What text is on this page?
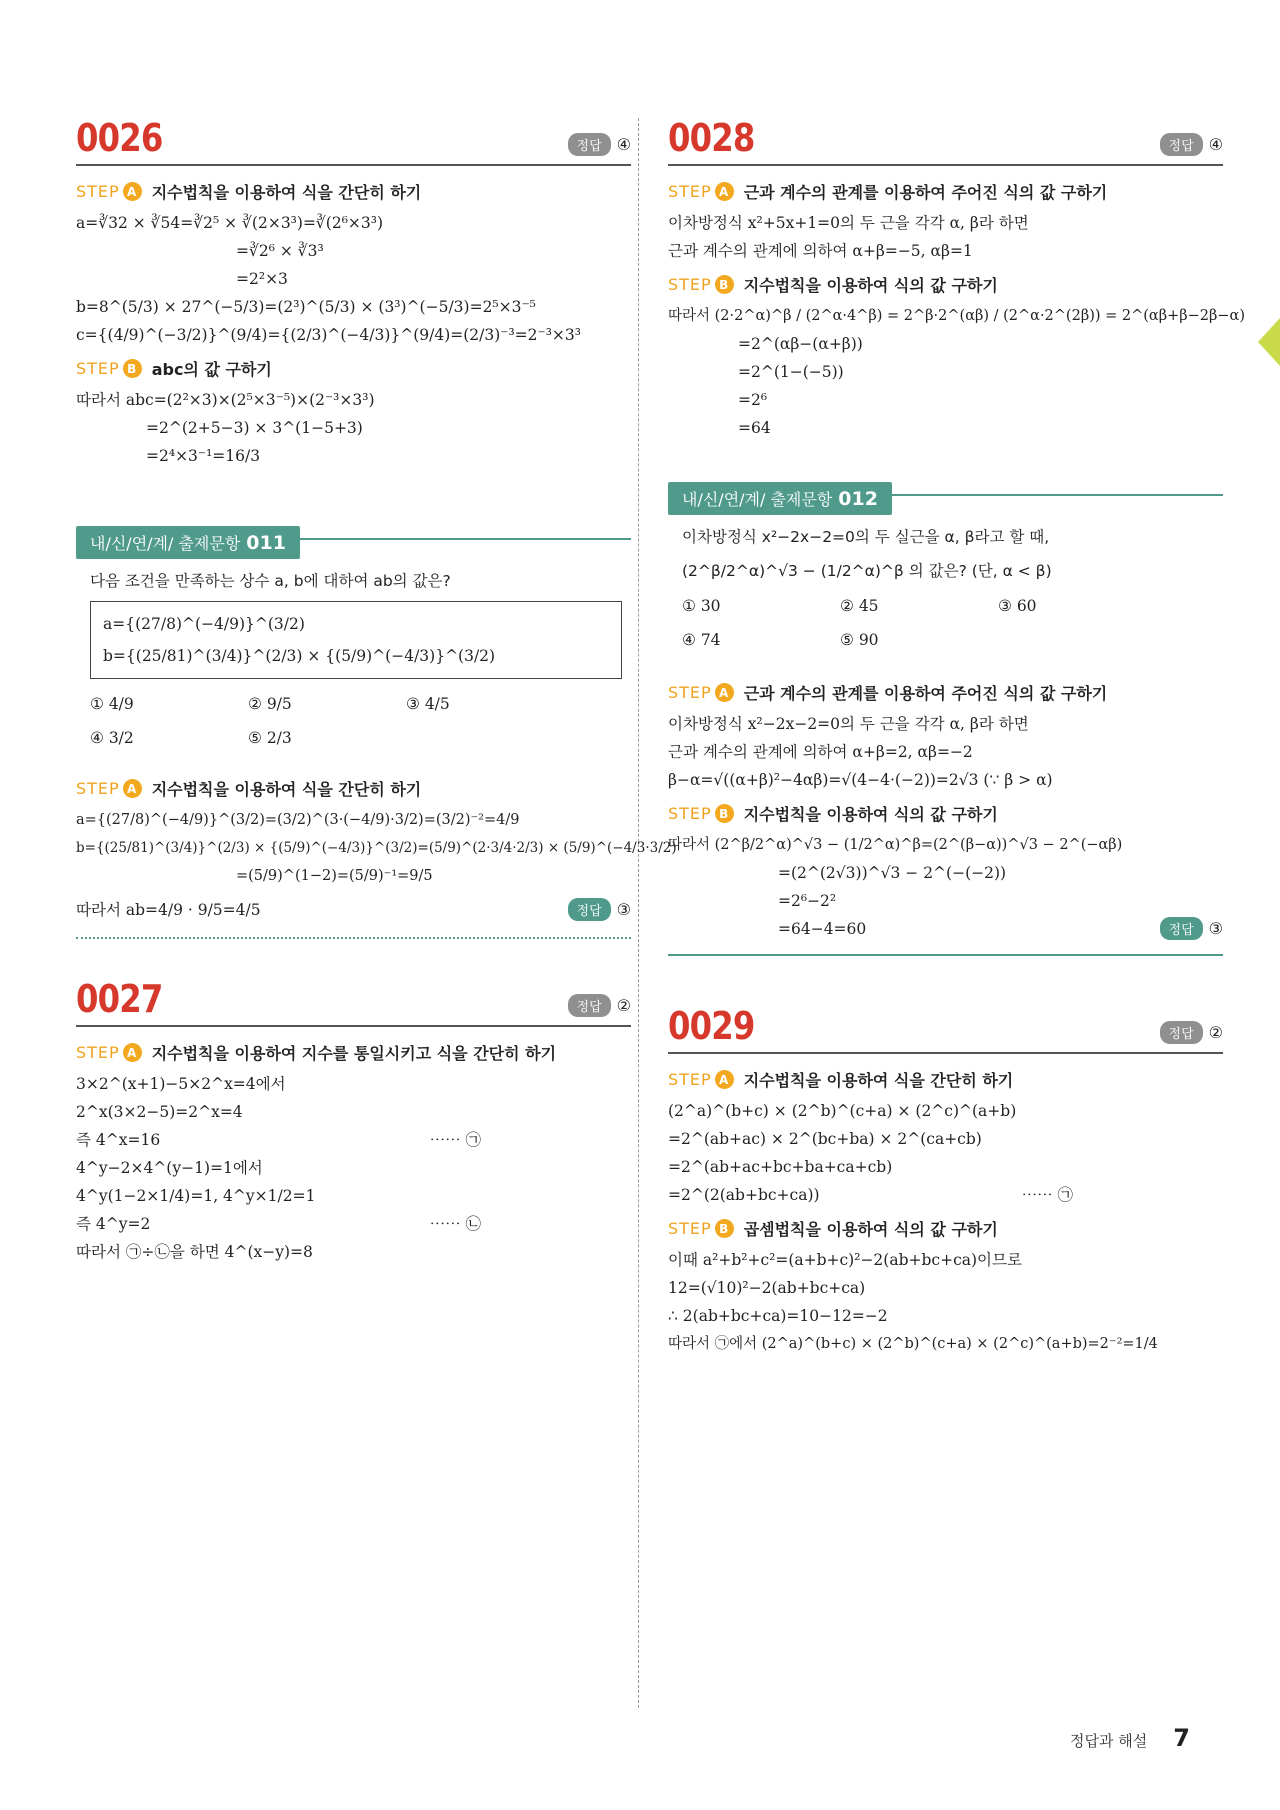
0026	정답 ④
STEP A 지수법칙을 이용하여 식을 간단히 하기
a=∛32 × ∛54=∛2⁵ × ∛(2×3³)=∛(2⁶×3³)
=∛2⁶ × ∛3³
=2²×3
b=8^(5/3) × 27^(−5/3)=(2³)^(5/3) × (3³)^(−5/3)=2⁵×3⁻⁵
c={(4/9)^(−3/2)}^(9/4)={(2/3)^(−4/3)}^(9/4)=(2/3)⁻³=2⁻³×3³
STEP B abc의 값 구하기
따라서 abc=(2²×3)×(2⁵×3⁻⁵)×(2⁻³×3³)
=2^(2+5−3) × 3^(1−5+3)
=2⁴×3⁻¹=16/3
내/신/연/계/ 출제문항 011
다음 조건을 만족하는 상수 a, b에 대하여 ab의 값은?
a={(27/8)^(−4/9)}^(3/2)
b={(25/81)^(3/4)}^(2/3) × {(5/9)^(−4/3)}^(3/2)
① 4/9	② 9/5	③ 4/5
④ 3/2	⑤ 2/3
STEP A 지수법칙을 이용하여 식을 간단히 하기
a={(27/8)^(−4/9)}^(3/2)=(3/2)^(3·(−4/9)·3/2)=(3/2)⁻²=4/9
b={(25/81)^(3/4)}^(2/3) × {(5/9)^(−4/3)}^(3/2)=(5/9)^(2·3/4·2/3) × (5/9)^(−4/3·3/2)
=(5/9)^(1−2)=(5/9)⁻¹=9/5
따라서 ab=4/9 · 9/5=4/5	정답 ③
0027	정답 ②
STEP A 지수법칙을 이용하여 지수를 통일시키고 식을 간단히 하기
3×2^(x+1)−5×2^x=4에서
2^x(3×2−5)=2^x=4
즉 4^x=16	⋯⋯ ㉠
4^y−2×4^(y−1)=1에서
4^y(1−2×1/4)=1, 4^y×1/2=1
즉 4^y=2	⋯⋯ ㉡
따라서 ㉠÷㉡을 하면 4^(x−y)=8
0028	정답 ④
STEP A 근과 계수의 관계를 이용하여 주어진 식의 값 구하기
이차방정식 x²+5x+1=0의 두 근을 각각 α, β라 하면
근과 계수의 관계에 의하여 α+β=−5, αβ=1
STEP B 지수법칙을 이용하여 식의 값 구하기
따라서 (2·2^α)^β / (2^α·4^β) = 2^β·2^(αβ) / (2^α·2^(2β)) = 2^(αβ+β−2β−α)
=2^(αβ−(α+β))
=2^(1−(−5))
=2⁶
=64
내/신/연/계/ 출제문항 012
이차방정식 x²−2x−2=0의 두 실근을 α, β라고 할 때,
(2^β/2^α)^√3 − (1/2^α)^β 의 값은? (단, α < β)
① 30	② 45	③ 60
④ 74	⑤ 90
STEP A 근과 계수의 관계를 이용하여 주어진 식의 값 구하기
이차방정식 x²−2x−2=0의 두 근을 각각 α, β라 하면
근과 계수의 관계에 의하여 α+β=2, αβ=−2
β−α=√((α+β)²−4αβ)=√(4−4·(−2))=2√3 (∵ β > α)
STEP B 지수법칙을 이용하여 식의 값 구하기
따라서 (2^β/2^α)^√3 − (1/2^α)^β=(2^(β−α))^√3 − 2^(−αβ)
=(2^(2√3))^√3 − 2^(−(−2))
=2⁶−2²
=64−4=60	정답 ③
0029	정답 ②
STEP A 지수법칙을 이용하여 식을 간단히 하기
(2^a)^(b+c) × (2^b)^(c+a) × (2^c)^(a+b)
=2^(ab+ac) × 2^(bc+ba) × 2^(ca+cb)
=2^(ab+ac+bc+ba+ca+cb)
=2^(2(ab+bc+ca))	⋯⋯ ㉠
STEP B 곱셈법칙을 이용하여 식의 값 구하기
이때 a²+b²+c²=(a+b+c)²−2(ab+bc+ca)이므로
12=(√10)²−2(ab+bc+ca)
∴ 2(ab+bc+ca)=10−12=−2
따라서 ㉠에서 (2^a)^(b+c) × (2^b)^(c+a) × (2^c)^(a+b)=2⁻²=1/4
정답과 해설 7
